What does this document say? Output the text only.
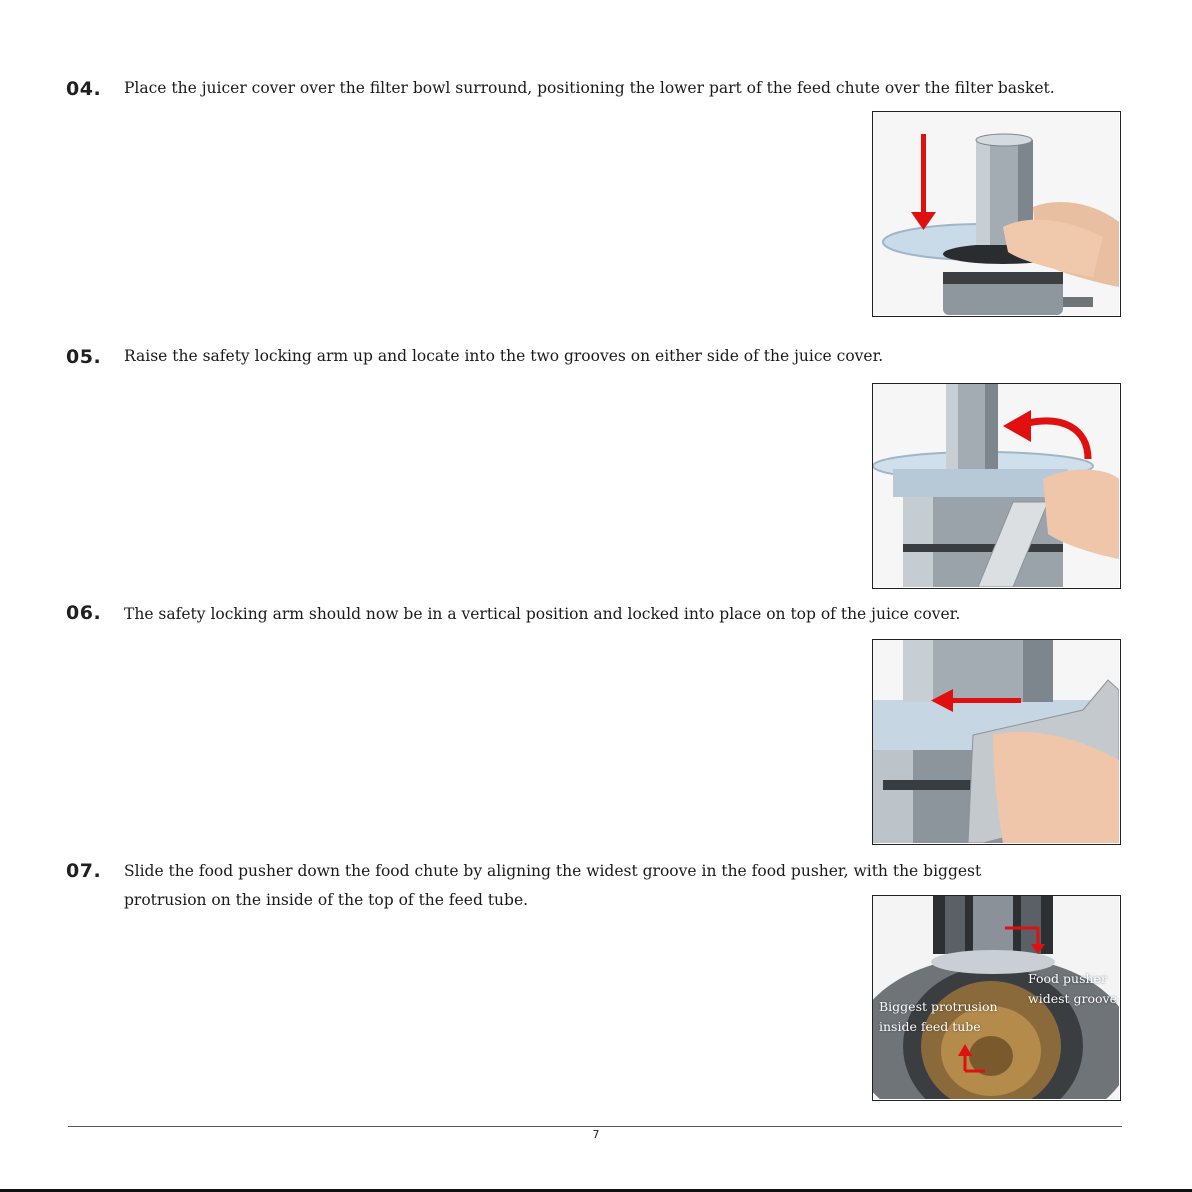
04. Place the juicer cover over the filter bowl surround, positioning the lower part of the feed chute over the filter basket.
05. Raise the safety locking arm up and locate into the two grooves on either side of the juice cover.
06. The safety locking arm should now be in a vertical position and locked into place on top of the juice cover.
07. Slide the food pusher down the food chute by aligning the widest groove in the food pusher, with the biggest
protrusion on the inside of the top of the feed tube.
Biggest protrusion
inside feed tube
Food pusher
widest groove
7
